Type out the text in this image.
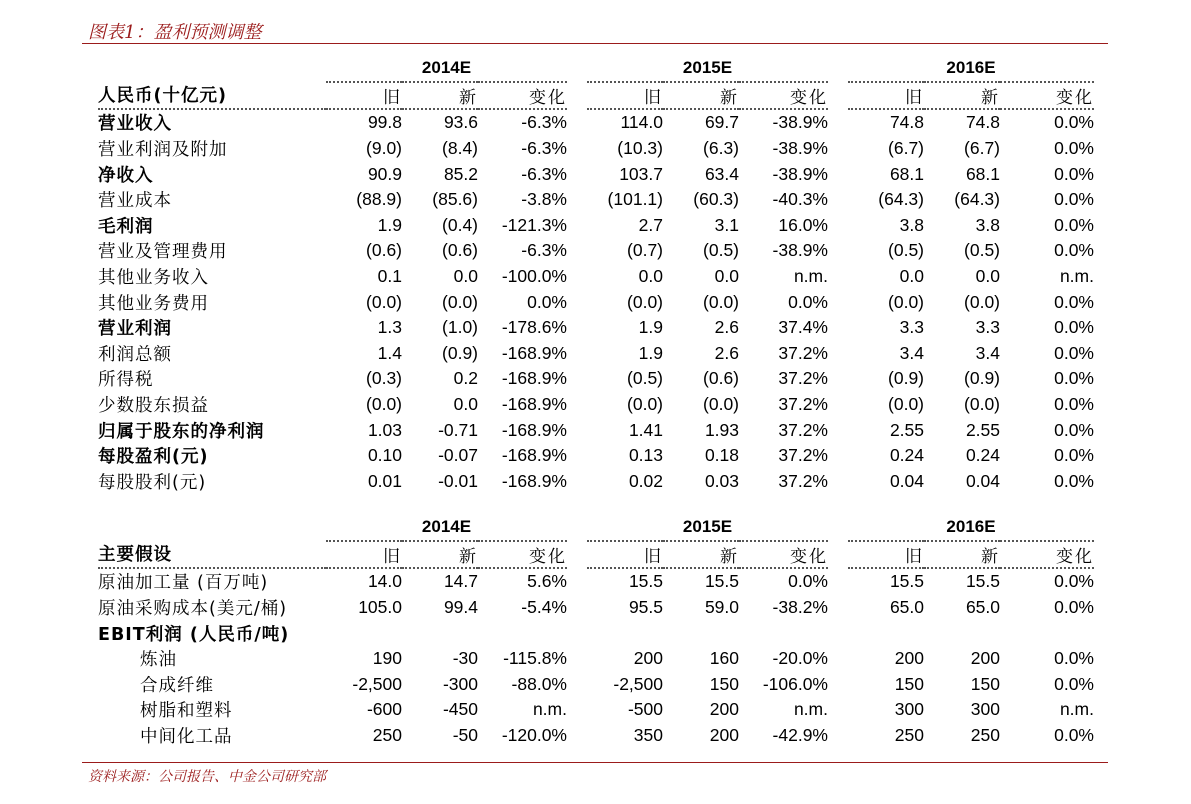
图表1：盈利预测调整
	2014E				2015E				2016E		
人民币(十亿元)	旧	新	变化		旧	新	变化		旧	新	变化
营业收入	99.8	93.6	-6.3%		114.0	69.7	-38.9%		74.8	74.8	0.0%
营业利润及附加	(9.0)	(8.4)	-6.3%		(10.3)	(6.3)	-38.9%		(6.7)	(6.7)	0.0%
净收入	90.9	85.2	-6.3%		103.7	63.4	-38.9%		68.1	68.1	0.0%
营业成本	(88.9)	(85.6)	-3.8%		(101.1)	(60.3)	-40.3%		(64.3)	(64.3)	0.0%
毛利润	1.9	(0.4)	-121.3%		2.7	3.1	16.0%		3.8	3.8	0.0%
营业及管理费用	(0.6)	(0.6)	-6.3%		(0.7)	(0.5)	-38.9%		(0.5)	(0.5)	0.0%
其他业务收入	0.1	0.0	-100.0%		0.0	0.0	n.m.		0.0	0.0	n.m.
其他业务费用	(0.0)	(0.0)	0.0%		(0.0)	(0.0)	0.0%		(0.0)	(0.0)	0.0%
营业利润	1.3	(1.0)	-178.6%		1.9	2.6	37.4%		3.3	3.3	0.0%
利润总额	1.4	(0.9)	-168.9%		1.9	2.6	37.2%		3.4	3.4	0.0%
所得税	(0.3)	0.2	-168.9%		(0.5)	(0.6)	37.2%		(0.9)	(0.9)	0.0%
少数股东损益	(0.0)	0.0	-168.9%		(0.0)	(0.0)	37.2%		(0.0)	(0.0)	0.0%
归属于股东的净利润	1.03	-0.71	-168.9%		1.41	1.93	37.2%		2.55	2.55	0.0%
每股盈利(元)	0.10	-0.07	-168.9%		0.13	0.18	37.2%		0.24	0.24	0.0%
每股股利(元)	0.01	-0.01	-168.9%		0.02	0.03	37.2%		0.04	0.04	0.0%
	2014E				2015E				2016E		
主要假设	旧	新	变化		旧	新	变化		旧	新	变化
原油加工量 (百万吨)	14.0	14.7	5.6%		15.5	15.5	0.0%		15.5	15.5	0.0%
原油采购成本(美元/桶)	105.0	99.4	-5.4%		95.5	59.0	-38.2%		65.0	65.0	0.0%
EBIT利润 (人民币/吨)											
炼油	190	-30	-115.8%		200	160	-20.0%		200	200	0.0%
合成纤维	-2,500	-300	-88.0%		-2,500	150	-106.0%		150	150	0.0%
树脂和塑料	-600	-450	n.m.		-500	200	n.m.		300	300	n.m.
中间化工品	250	-50	-120.0%		350	200	-42.9%		250	250	0.0%
资料来源：公司报告、中金公司研究部
